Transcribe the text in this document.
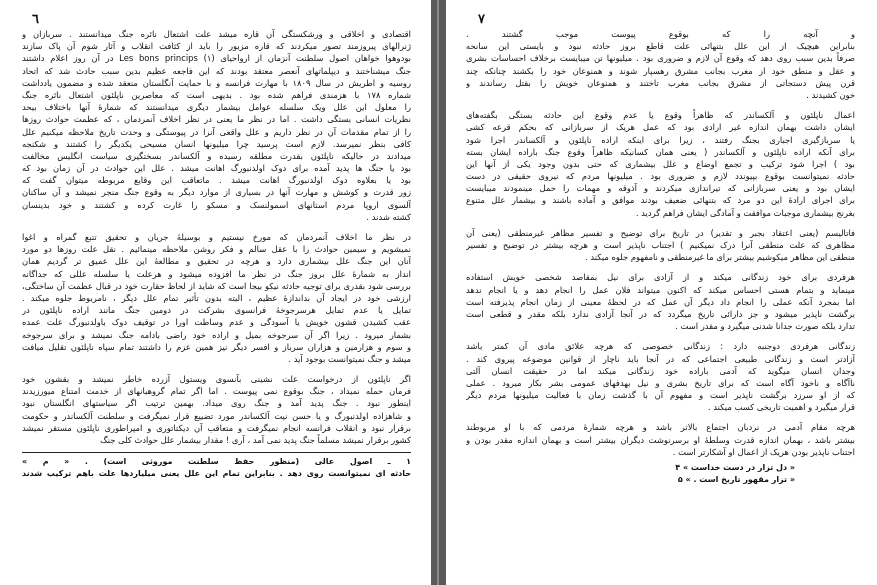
٦
اقتصادی و اخلاقی و ورشکستگی آن قاره میشد علت اشتعال نائره جنگ میدانستند . سربازان و
ژنرالهای پیروزمند تصور میکردند که قاره مزبور را باید از کثافت انقلاب و آثار شوم آن پاک سازند
بودوهوا خواهان اصول سلطنت آنزمان از ارواحیای (۱) Les bons princips در آن روز اعلام داشتند
جنگ میشناختند و دیپلماتهای آنعصر معتقد بودند که این فاجعه عظیم بدین سبب حادث شد که اتحاد
روسیه و اطریش در سال ۱۸۰۹ با مهارت فرانسه و با حمایت آنگلستان منعقد شده و مضمون یادداشت
شماره ۱۷۸ با هزمندی فراهم شده بود . بدیهی است که معاصرین ناپلئون اشتعال نائره جنگ
را معلول این علل ویک سلسله عوامل بیشمار دیگری میدانستند که شمارهٔ آنها باختلاف بیحد
نظریات انسانی بستگی داشت . اما در نظر ما یعنی در نظر اخلاف آنمردمان ، که عظمت حوادث روزها
را از تمام مقدمات آن در نظر داریم و علل واقعی آنرا در پیوستگی و وحدت تاریخ ملاحظه میکنیم علل
کافی بنظر نمیرسد. لازم است پرسید چرا میلیونها انسان مسیحی یکدیگر را کشتند و شکنجه
میدادند در حالیکه ناپلئون بقدرت مطلقه رسیده و آلکساندر بسختگیری سیاست انگلیس مخالفت
بود یا جنگ ها پدید آمده برای دوک اولدنبورگ اهانت میشد . علل این حوادث در آن زمان بود که
بود یا بعلاوه دوک اولدنبورگ اهانت میشد . ماتعاقب این وقایع مربوطه میتوان گفت که
زور قدرت و کوشش و مهارت آنها در بسیاری از موارد دیگر به وقوع جنگ منجر نمیشد و آن ساکنان
آلسوی اروپا مردم استانهای اسمولنسک و مسکو را غارت کرده و کشتند و خود بدینسان
کشته شدند .
در نظر ما اخلاف آنمردمان که مورخ نیستیم و بوسیلهٔ جریان و تحقیق تتبع گمراه و اغوا
نمیشویم و سیمین حوادث را با عقل سالم و فکر روشن ملاحظه مینمائیم . نقل علت روزها دو مورد
آنان این جنگ علل بیشماری دارد و هرچه در تحقیق و مطالعهٔ این علل عمیق تر گردیم همان
انداز به شمارهٔ علل بروز جنگ در نظر ما افزوده میشود و هرعلت یا سلسله عللی که جداگانه
بررسی شود بقدری برای توجیه حادثه نیکو بیجا است که شاید از لحاظ حقارت خود در قبال عظمت آن ساختگی،
ارزشی خود در ایجاد آن بداندازهٔ عظیم ، البته بدون تأثیر تمام علل دیگر ، نامربوط جلوه میکند .
تمایل یا عدم تمایل هرسرجوخهٔ فرانسوی بشرکت در دومین جنگ مانند اراده ناپلئون در
عقب کشیدن قشون خویش یا آسودگی و عدم وساطت اورا در توقیف دوک یاولدنبورگ علت عمده
بشمار میرود . زیرا اگر آن سرجوخه بمیل و اراده خود راضی بادامه جنگ نمیشد و برای سرجوخه
و سوم و هزارمین و هزاران سرباز و افسر دیگر نیز همین عزم را داشتند تمام سپاه ناپلئون تقلیل میافت
میشد و جنگ نمیتوانست بوجود آید .
اگر ناپلئون از درخواست علت نشینی بآنسوی ویستول آزرده خاطر نمیشد و بقشون خود
فرمان حمله نمیداد ، جنگ بوقوع نمی پیوست . اما اگر تمام گروهبانهای از خدمت امتناع میورزیدند
اینطور نبود . جنگ پدید آمد و جنگ روی میداد. بهمین ترتیب اگر سیاستهای انگلستان نبود
و شاهزاده اولدنبورگ و یا حسن نیت آلکساندر مورد تضییع قرار نمیگرفت و سلطنت آلکساندر و حکومت
برقرار نبود و انقلاب فرانسه انجام نمیگرفت و متعاقب آن دیکتاتوری و امپراطوری ناپلئون مستقر نمیشد
کشور برقرار نمیشد مسلماً جنگ پدید نمی آمد ، آری ! مقدار بیشمار علل حوادث کلی جنگ
۱ ـ اصول عالی (منظور حفظ سلطنت موروثی است) . « م »
حادثه ای نمیتوانست روی دهد . بنابراین تمام این علل یعنی میلیاردها علت باهم ترکیب شدند
۷
و آنچه را که بوقوع پیوست موجب گشتند .
بنابراین هیچیک از این علل بتنهائی علت قاطع بروز حادثه نبود و بایستی این سانحه
صرفاً بدین سبب روی دهد که وقوع آن لازم و ضروری بود . میلیونها تن میبایست برخلاف احساسات بشری
و عقل و منطق خود از مغرب بجانب مشرق رهسپار شوند و همنوعان خود را بکشند چنانکه چند
قرن پیش دستجاتی از مشرق بجانب مغرب تاختند و همنوعان خویش را بقتل رساندند و
خون کشیدند .
اعمال ناپلئون و آلکساندر که ظاهراً وقوع یا عدم وقوع این حادثه بستگی بگفته‌های
ایشان داشت بهمان اندازه غیر ارادی بود که عمل هریک از سربازانی که بحکم قرعه کشی
یا سربازگیری اجباری بجنگ رفتند ، زیرا برای اینکه اراده ناپلئون و آلکساندر اجرا شود
برای آنکه اراده ناپلئون و آلکساندر ( یعنی همان کسانیکه ظاهراً وقوع جنگ باراده ایشان بسته
بود ) اجرا شود ترکیب و تجمع اوضاع و علل بیشماری که حتی بدون وجود یکی از آنها این
حادثه نمیتوانست بوقوع بپیوندد لازم و ضروری بود . میلیونها مردم که نیروی حقیقی در دست
ایشان بود و یعنی سربازانی که تیراندازی میکردند و آذوقه و مهمات را حمل مینمودند میبایست
برای اجرای ارادهٔ این دو مرد که بتنهائی ضعیف بودند موافق و آماده باشند و بیشمار علل متنوع
بغرنج بیشماری موجبات موافقت و آمادگی ایشان فراهم گردید .
فاتالیسم (یعنی اعتقاد بجبر و تقدیر) در تاریخ برای توضیح و تفسیر مظاهر غیرمنطقی (یعنی آن
مظاهری که علت منطقی آنرا درک نمیکنیم ) اجتناب ناپذیر است و هرچه بیشتر در توضیح و تفسیر
منطقی این مظاهر میکوشیم بیشتر برای ما غیرمنطقی و نامفهوم جلوه میکند .
هرفردی برای خود زندگانی میکند و از آزادی برای نیل بمقاصد شخصی خویش استفاده
مینماید و بتمام هستی احساس میکند که اکنون میتواند فلان عمل را انجام دهد و یا انجام ندهد
اما بمجرد آنکه عملی را انجام داد دیگر آن عمل که در لحظهٔ معینی از زمان انجام پذیرفته است
برگشت ناپذیر میشود و جز دارائی تاریخ میگردد که در آنجا آزادی ندارد بلکه مقدر و قطعی است
تدارد بلکه صورت جدانا شدنی میگیرد و مقدر است .
زندگانی هرفردی دوجنبه دارد : زندگانی خصوصی که هرچه علائق مادی آن کمتر باشد
آزادتر است و زندگانی طبیعی اجتماعی که در آنجا باید ناچار از قوانین موضوعه پیروی کند .
وجدان انسان میگوید که آدمی باراده خود زندگانی میکند اما در حقیقت انسان آلتی
ناآگاه و ناخود آگاه است که برای تاریخ بشری و نیل بهدفهای عمومی بشر بکار میرود . عملی
که از او سرزد برگشت ناپذیر است و مفهوم آن با گذشت زمان با فعالیت میلیونها مردم دیگر
قرار میگیرد و اهمیت تاریخی کسب میکند .
هرچه مقام آدمی در نردبان اجتماع بالاتر باشد و هرچه شمارهٔ مردمی که با او مربوطند
بیشتر باشد ، بهمان اندازه قدرت وسلطهٔ او برسرنوشت دیگران بیشتر است و بهمان اندازه مقدر بودن و
اجتناب ناپذیر بودن هریک از اعمال او آشکارتر است .
« دل تزار در دست خداست » ۴
« تزار مقهور تاریخ است . » ۵
